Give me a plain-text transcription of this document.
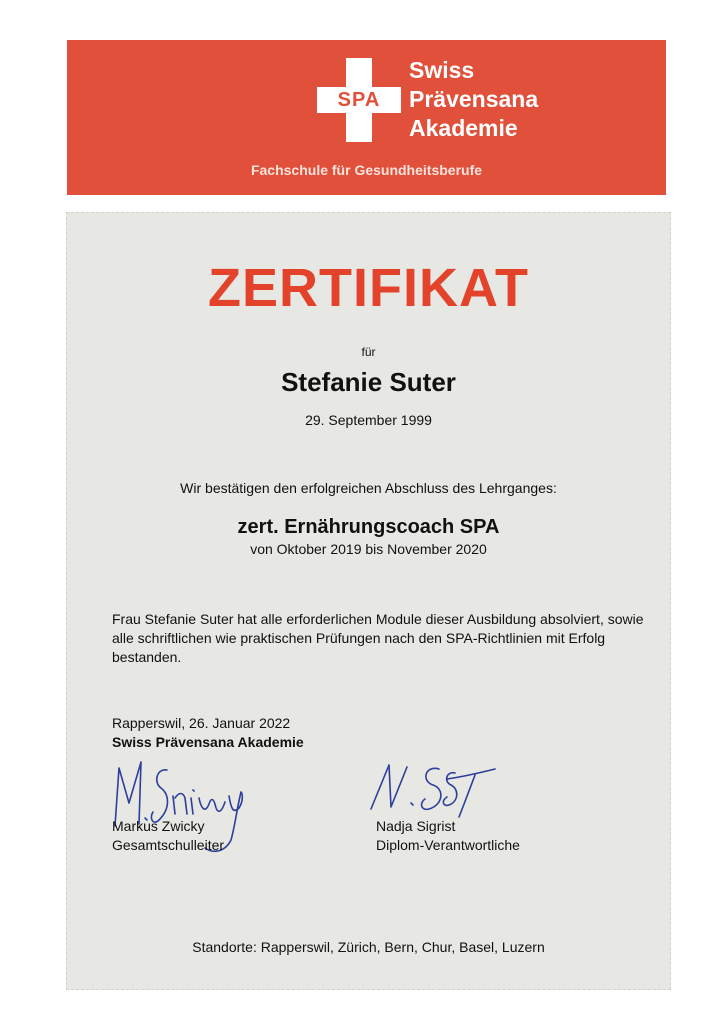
SPA
Swiss
Prävensana
Akademie
Fachschule für Gesundheitsberufe
ZERTIFIKAT
für
Stefanie Suter
29. September 1999
Wir bestätigen den erfolgreichen Abschluss des Lehrganges:
zert. Ernährungscoach SPA
von Oktober 2019 bis November 2020
Frau Stefanie Suter hat alle erforderlichen Module dieser Ausbildung absolviert, sowie alle schriftlichen wie praktischen Prüfungen nach den SPA-Richtlinien mit Erfolg bestanden.
Rapperswil, 26. Januar 2022
Swiss Prävensana Akademie
Markus Zwicky
Gesamtschulleiter
Nadja Sigrist
Diplom-Verantwortliche
Standorte: Rapperswil, Zürich, Bern, Chur, Basel, Luzern
